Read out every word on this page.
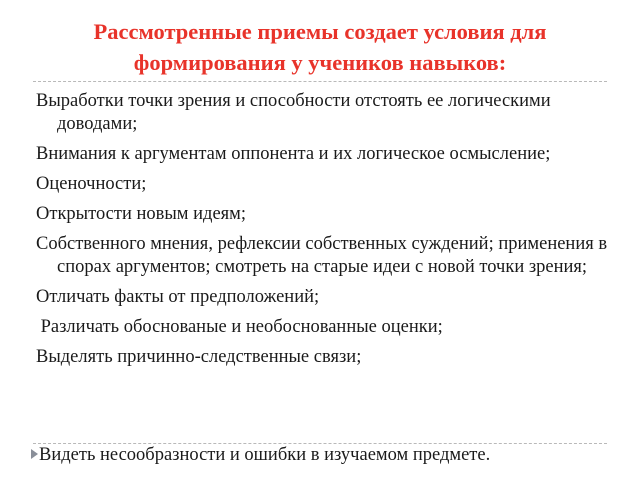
Рассмотренные приемы создает условия для
формирования у учеников навыков:
Выработки точки зрения и способности отстоять ее логическими доводами;
Внимания к аргументам оппонента и их логическое осмысление;
Оценочности;
Открытости новым идеям;
Собственного мнения, рефлексии собственных суждений; применения в спорах аргументов; смотреть на старые идеи с новой точки зрения;
Отличать факты от предположений;
Различать обоснованые и необоснованные оценки;
Выделять причинно-следственные связи;
Видеть несообразности и ошибки в изучаемом предмете.
